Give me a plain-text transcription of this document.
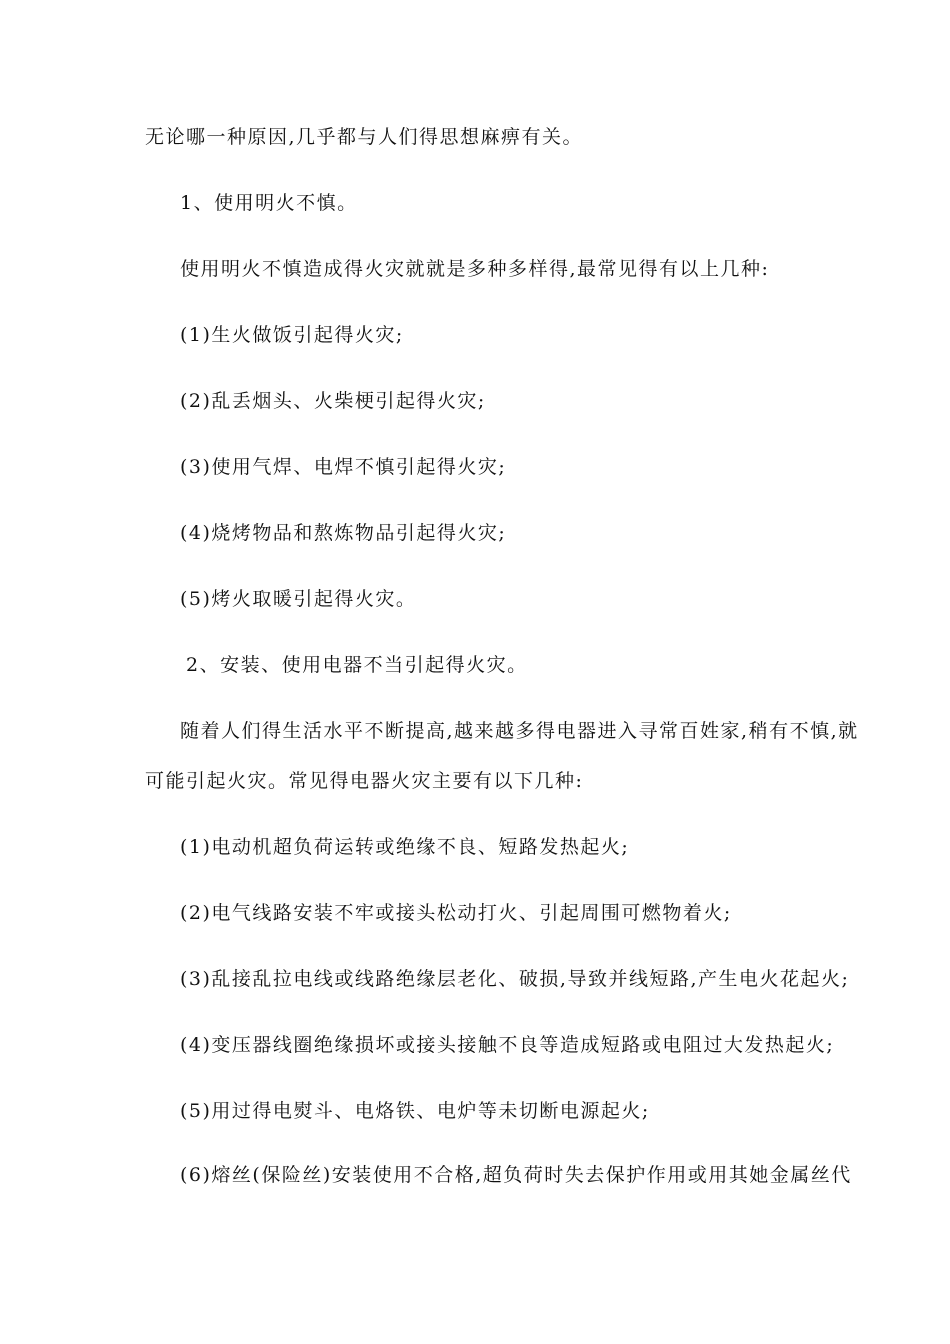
无论哪一种原因,几乎都与人们得思想麻痹有关。
1、使用明火不慎。
使用明火不慎造成得火灾就就是多种多样得,最常见得有以上几种:
(1)生火做饭引起得火灾;
(2)乱丢烟头、火柴梗引起得火灾;
(3)使用气焊、电焊不慎引起得火灾;
(4)烧烤物品和熬炼物品引起得火灾;
(5)烤火取暖引起得火灾。
2、安装、使用电器不当引起得火灾。
随着人们得生活水平不断提高,越来越多得电器进入寻常百姓家,稍有不慎,就
可能引起火灾。常见得电器火灾主要有以下几种:
(1)电动机超负荷运转或绝缘不良、短路发热起火;
(2)电气线路安装不牢或接头松动打火、引起周围可燃物着火;
(3)乱接乱拉电线或线路绝缘层老化、破损,导致并线短路,产生电火花起火;
(4)变压器线圈绝缘损坏或接头接触不良等造成短路或电阻过大发热起火;
(5)用过得电熨斗、电烙铁、电炉等未切断电源起火;
(6)熔丝(保险丝)安装使用不合格,超负荷时失去保护作用或用其她金属丝代
